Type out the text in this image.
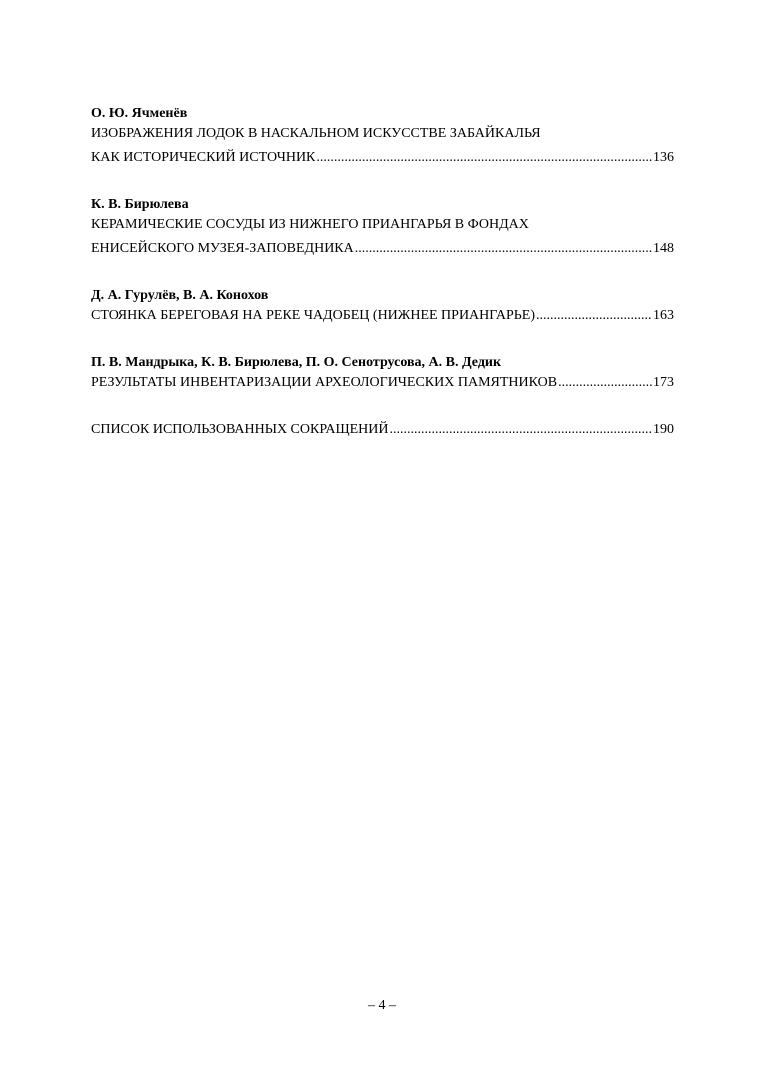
О. Ю. Ячменёв
ИЗОБРАЖЕНИЯ ЛОДОК В НАСКАЛЬНОМ ИСКУССТВЕ ЗАБАЙКАЛЬЯ
КАК ИСТОРИЧЕСКИЙ ИСТОЧНИК .....	136
К. В. Бирюлева
КЕРАМИЧЕСКИЕ СОСУДЫ ИЗ НИЖНЕГО ПРИАНГАРЬЯ В ФОНДАХ
ЕНИСЕЙСКОГО МУЗЕЯ-ЗАПОВЕДНИКА .....	148
Д. А. Гурулёв, В. А. Конохов
СТОЯНКА БЕРЕГОВАЯ НА РЕКЕ ЧАДОБЕЦ (НИЖНЕЕ ПРИАНГАРЬЕ) .....	163
П. В. Мандрыка, К. В. Бирюлева, П. О. Сенотрусова, А. В. Дедик
РЕЗУЛЬТАТЫ ИНВЕНТАРИЗАЦИИ АРХЕОЛОГИЧЕСКИХ ПАМЯТНИКОВ .....	173
СПИСОК ИСПОЛЬЗОВАННЫХ СОКРАЩЕНИЙ .....	190
– 4 –
